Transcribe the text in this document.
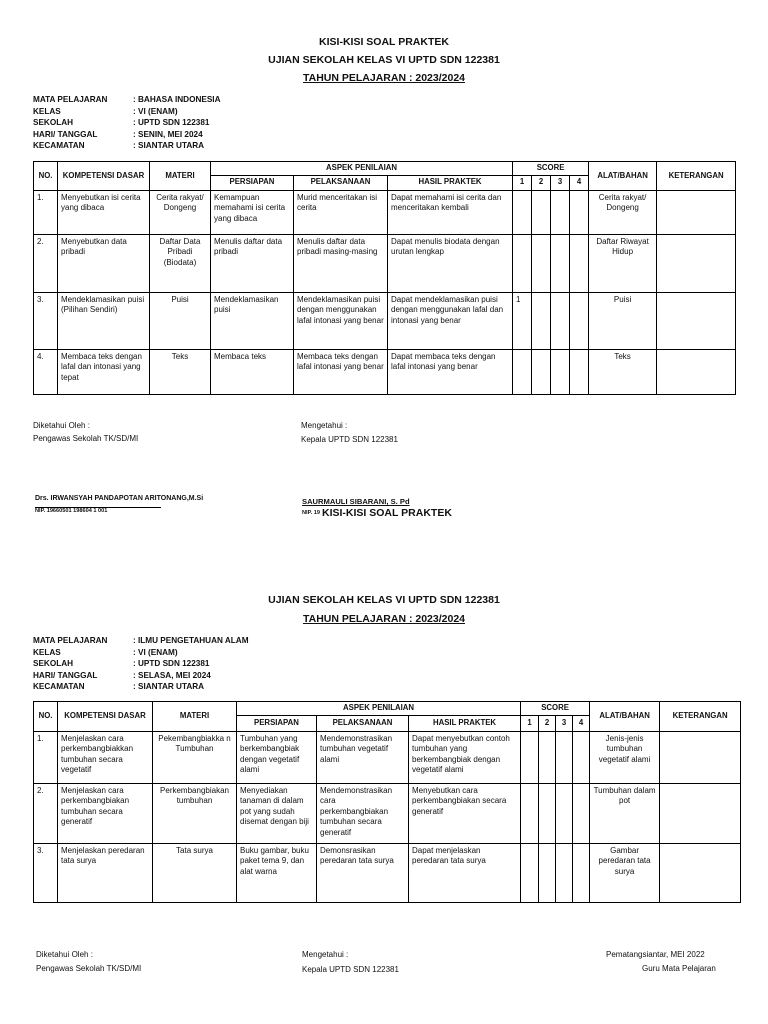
KISI-KISI SOAL PRAKTEK
UJIAN SEKOLAH KELAS VI UPTD SDN 122381
TAHUN PELAJARAN : 2023/2024
MATA PELAJARAN	: BAHASA INDONESIA
KELAS	: VI (ENAM)
SEKOLAH	: UPTD SDN 122381
HARI/ TANGGAL	: SENIN, MEI 2024
KECAMATAN	: SIANTAR UTARA
NO.	KOMPETENSI DASAR	MATERI	ASPEK PENILAIAN			SCORE				ALAT/BAHAN	KETERANGAN
			PERSIAPAN	PELAKSANAAN	HASIL PRAKTEK	1	2	3	4		
1.	Menyebutkan isi cerita yang dibaca	Cerita rakyat/ Dongeng	Kemampuan memahami isi cerita yang dibaca	Murid menceritakan isi cerita	Dapat memahami isi cerita dan menceritakan kembali					Cerita rakyat/ Dongeng	
2.	Menyebutkan data pribadi	Daftar Data Pribadi (Biodata)	Menulis daftar data pribadi	Menulis daftar data pribadi masing-masing	Dapat menulis biodata dengan urutan lengkap					Daftar Riwayat Hidup	
3.	Mendeklamasikan puisi (Pilihan Sendiri)	Puisi	Mendeklamasikan puisi	Mendeklamasikan puisi dengan menggunakan lafal intonasi yang benar	Dapat mendeklamasikan puisi dengan menggunakan lafal dan intonasi yang benar	1				Puisi	
4.	Membaca teks dengan lafal dan intonasi yang tepat	Teks	Membaca teks	Membaca teks dengan lafal intonasi yang benar	Dapat membaca teks dengan lafal intonasi yang benar					Teks	
Diketahui Oleh :
Pengawas Sekolah TK/SD/MI
Mengetahui :
Kepala UPTD SDN 122381
Drs. IRWANSYAH PANDAPOTAN ARITONANG,M.Si
NIP. 19660501 198604 1 001
SAURMAULI SIBARANI, S. Pd
NIP. 19 KISI-KISI SOAL PRAKTEK
UJIAN SEKOLAH KELAS VI UPTD SDN 122381
TAHUN PELAJARAN : 2023/2024
MATA PELAJARAN	: ILMU PENGETAHUAN ALAM
KELAS	: VI (ENAM)
SEKOLAH	: UPTD SDN 122381
HARI/ TANGGAL	: SELASA, MEI 2024
KECAMATAN	: SIANTAR UTARA
NO.	KOMPETENSI DASAR	MATERI	ASPEK PENILAIAN			SCORE				ALAT/BAHAN	KETERANGAN
			PERSIAPAN	PELAKSANAAN	HASIL PRAKTEK	1	2	3	4		
1.	Menjelaskan cara perkembangbiakkan tumbuhan secara vegetatif	Pekembangbiakka n Tumbuhan	Tumbuhan yang berkembangbiak dengan vegetatif alami	Mendemonstrasikan tumbuhan vegetatif alami	Dapat menyebutkan contoh tumbuhan yang berkembangbiak dengan vegetatif alami					Jenis-jenis tumbuhan vegetatif alami	
2.	Menjelaskan cara perkembangbiakan tumbuhan secara generatif	Perkembangbiakan tumbuhan	Menyediakan tanaman di dalam pot yang sudah disemat dengan biji	Mendemonstrasikan cara perkembangbiakan tumbuhan secara generatif	Menyebutkan cara perkembangbiakan secara generatif					Tumbuhan dalam pot	
3.	Menjelaskan peredaran tata surya	Tata surya	Buku gambar, buku paket tema 9, dan alat warna	Demonsrasikan peredaran tata surya	Dapat menjelaskan peredaran tata surya					Gambar peredaran tata surya	
Diketahui Oleh :
Pengawas Sekolah TK/SD/MI
Mengetahui :
Kepala UPTD SDN 122381
Pematangsiantar, MEI 2022
Guru Mata Pelajaran
